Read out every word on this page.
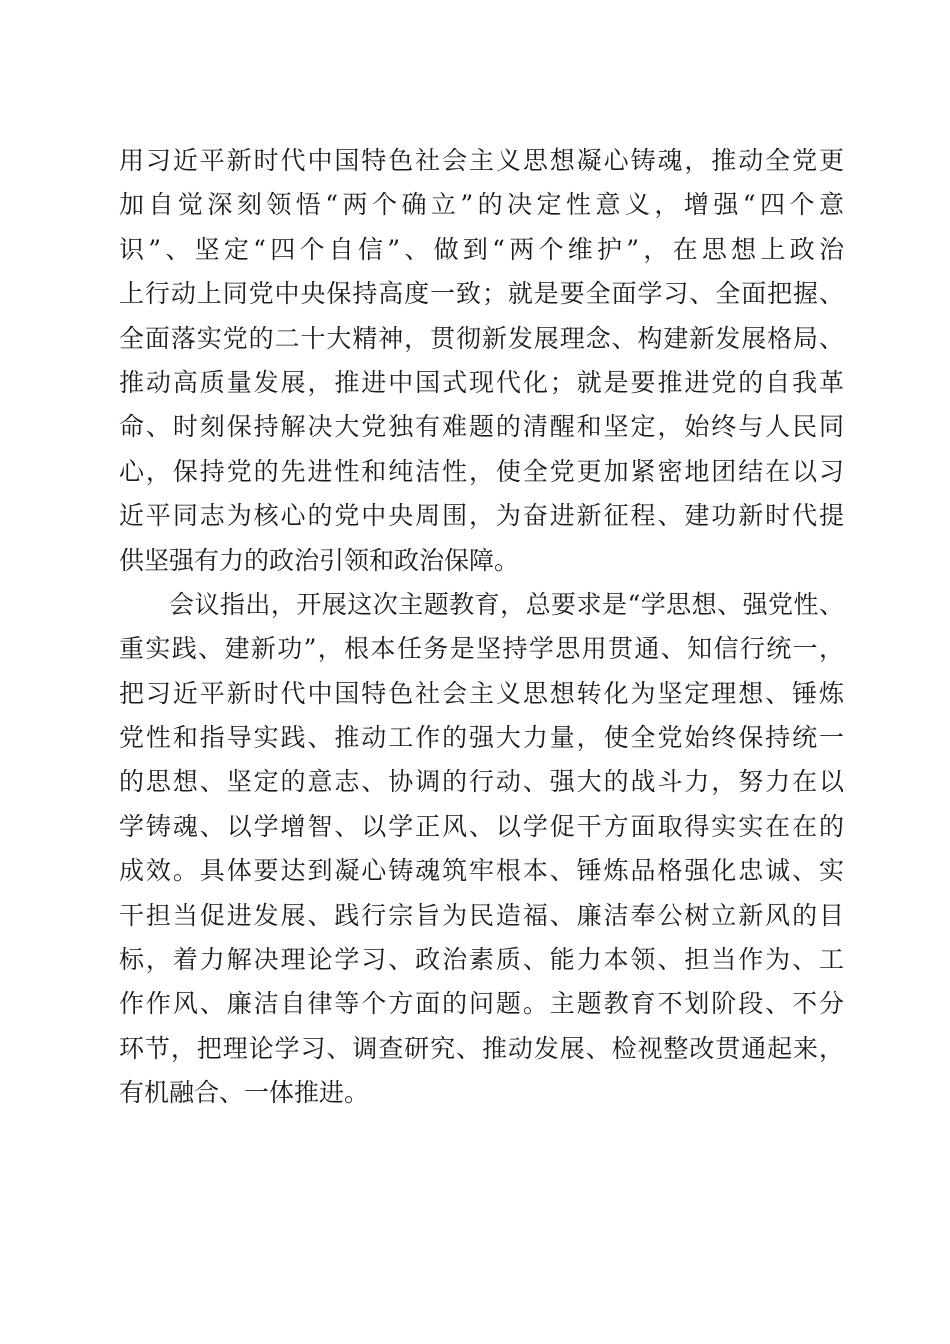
用习近平新时代中国特色社会主义思想凝心铸魂，推动全党更
加自觉深刻领悟“两个确立”的决定性意义，增强“四个意
识”、坚定“四个自信”、做到“两个维护”，在思想上政治
上行动上同党中央保持高度一致；就是要全面学习、全面把握、
全面落实党的二十大精神，贯彻新发展理念、构建新发展格局、
推动高质量发展，推进中国式现代化；就是要推进党的自我革
命、时刻保持解决大党独有难题的清醒和坚定，始终与人民同
心，保持党的先进性和纯洁性，使全党更加紧密地团结在以习
近平同志为核心的党中央周围，为奋进新征程、建功新时代提
供坚强有力的政治引领和政治保障。
会议指出，开展这次主题教育，总要求是“学思想、强党性、
重实践、建新功”，根本任务是坚持学思用贯通、知信行统一，
把习近平新时代中国特色社会主义思想转化为坚定理想、锤炼
党性和指导实践、推动工作的强大力量，使全党始终保持统一
的思想、坚定的意志、协调的行动、强大的战斗力，努力在以
学铸魂、以学增智、以学正风、以学促干方面取得实实在在的
成效。具体要达到凝心铸魂筑牢根本、锤炼品格强化忠诚、实
干担当促进发展、践行宗旨为民造福、廉洁奉公树立新风的目
标，着力解决理论学习、政治素质、能力本领、担当作为、工
作作风、廉洁自律等个方面的问题。主题教育不划阶段、不分
环节，把理论学习、调查研究、推动发展、检视整改贯通起来，
有机融合、一体推进。
